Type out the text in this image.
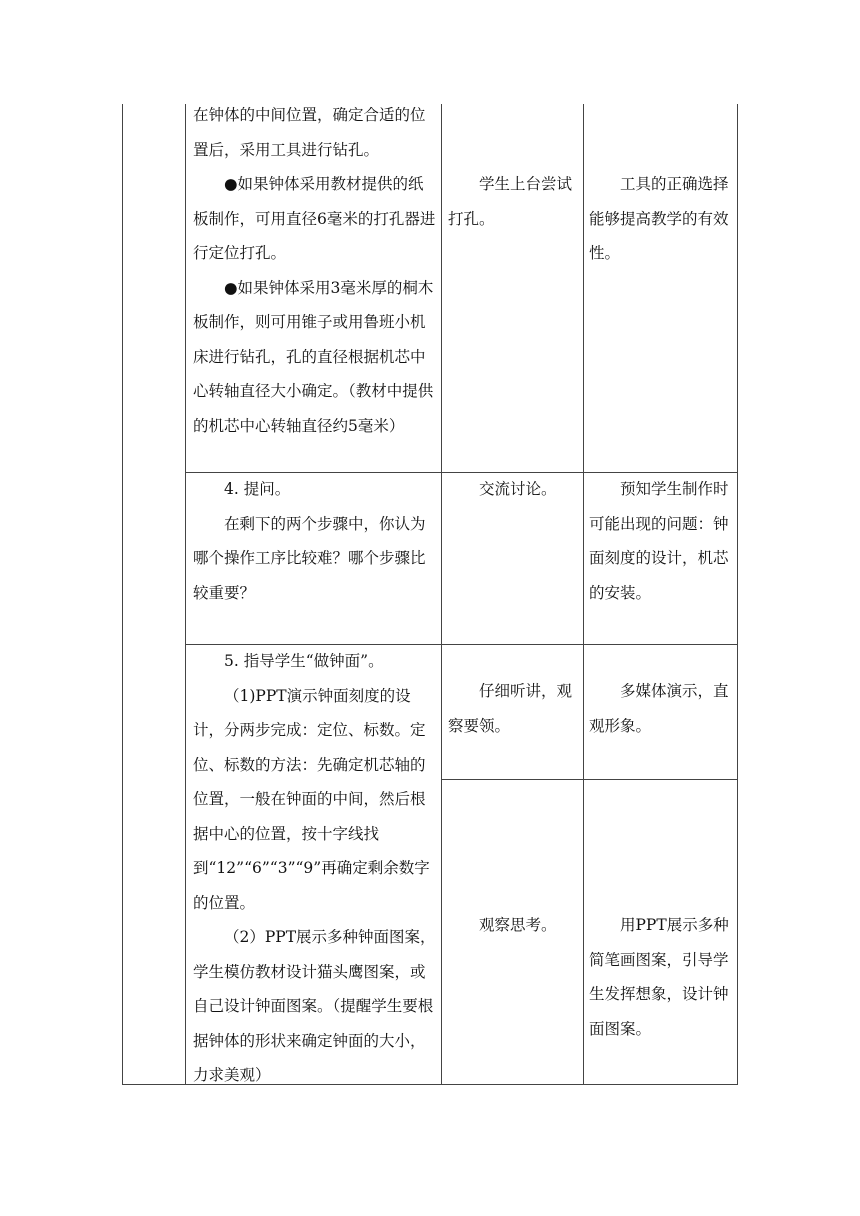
在钟体的中间位置，确定合适的位置后，采用工具进行钻孔。

●如果钟体采用教材提供的纸板制作，可用直径6毫米的打孔器进行定位打孔。

●如果钟体采用3毫米厚的桐木板制作，则可用锥子或用鲁班小机床进行钻孔，孔的直径根据机芯中心转轴直径大小确定。（教材中提供的机芯中心转轴直径约5毫米）

学生上台尝试打孔。
工具的正确选择能够提高教学的有效性。

4. 提问。

在剩下的两个步骤中，你认为哪个操作工序比较难？哪个步骤比较重要？

交流讨论。	预知学生制作时可能出现的问题：钟面刻度的设计，机芯的安装。

5. 指导学生“做钟面”。

（1)PPT演示钟面刻度的设计，分两步完成：定位、标数。定位、标数的方法：先确定机芯轴的位置，一般在钟面的中间，然后根据中心的位置，按十字线找到“12”“6”“3”“9”再确定剩余数字的位置。

（2）PPT展示多种钟面图案，学生模仿教材设计猫头鹰图案，或自己设计钟面图案。（提醒学生要根据钟体的形状来确定钟面的大小，力求美观）

仔细听讲，观察要领。
多媒体演示，直观形象。
观察思考。	用PPT展示多种简笔画图案，引导学生发挥想象，设计钟面图案。
